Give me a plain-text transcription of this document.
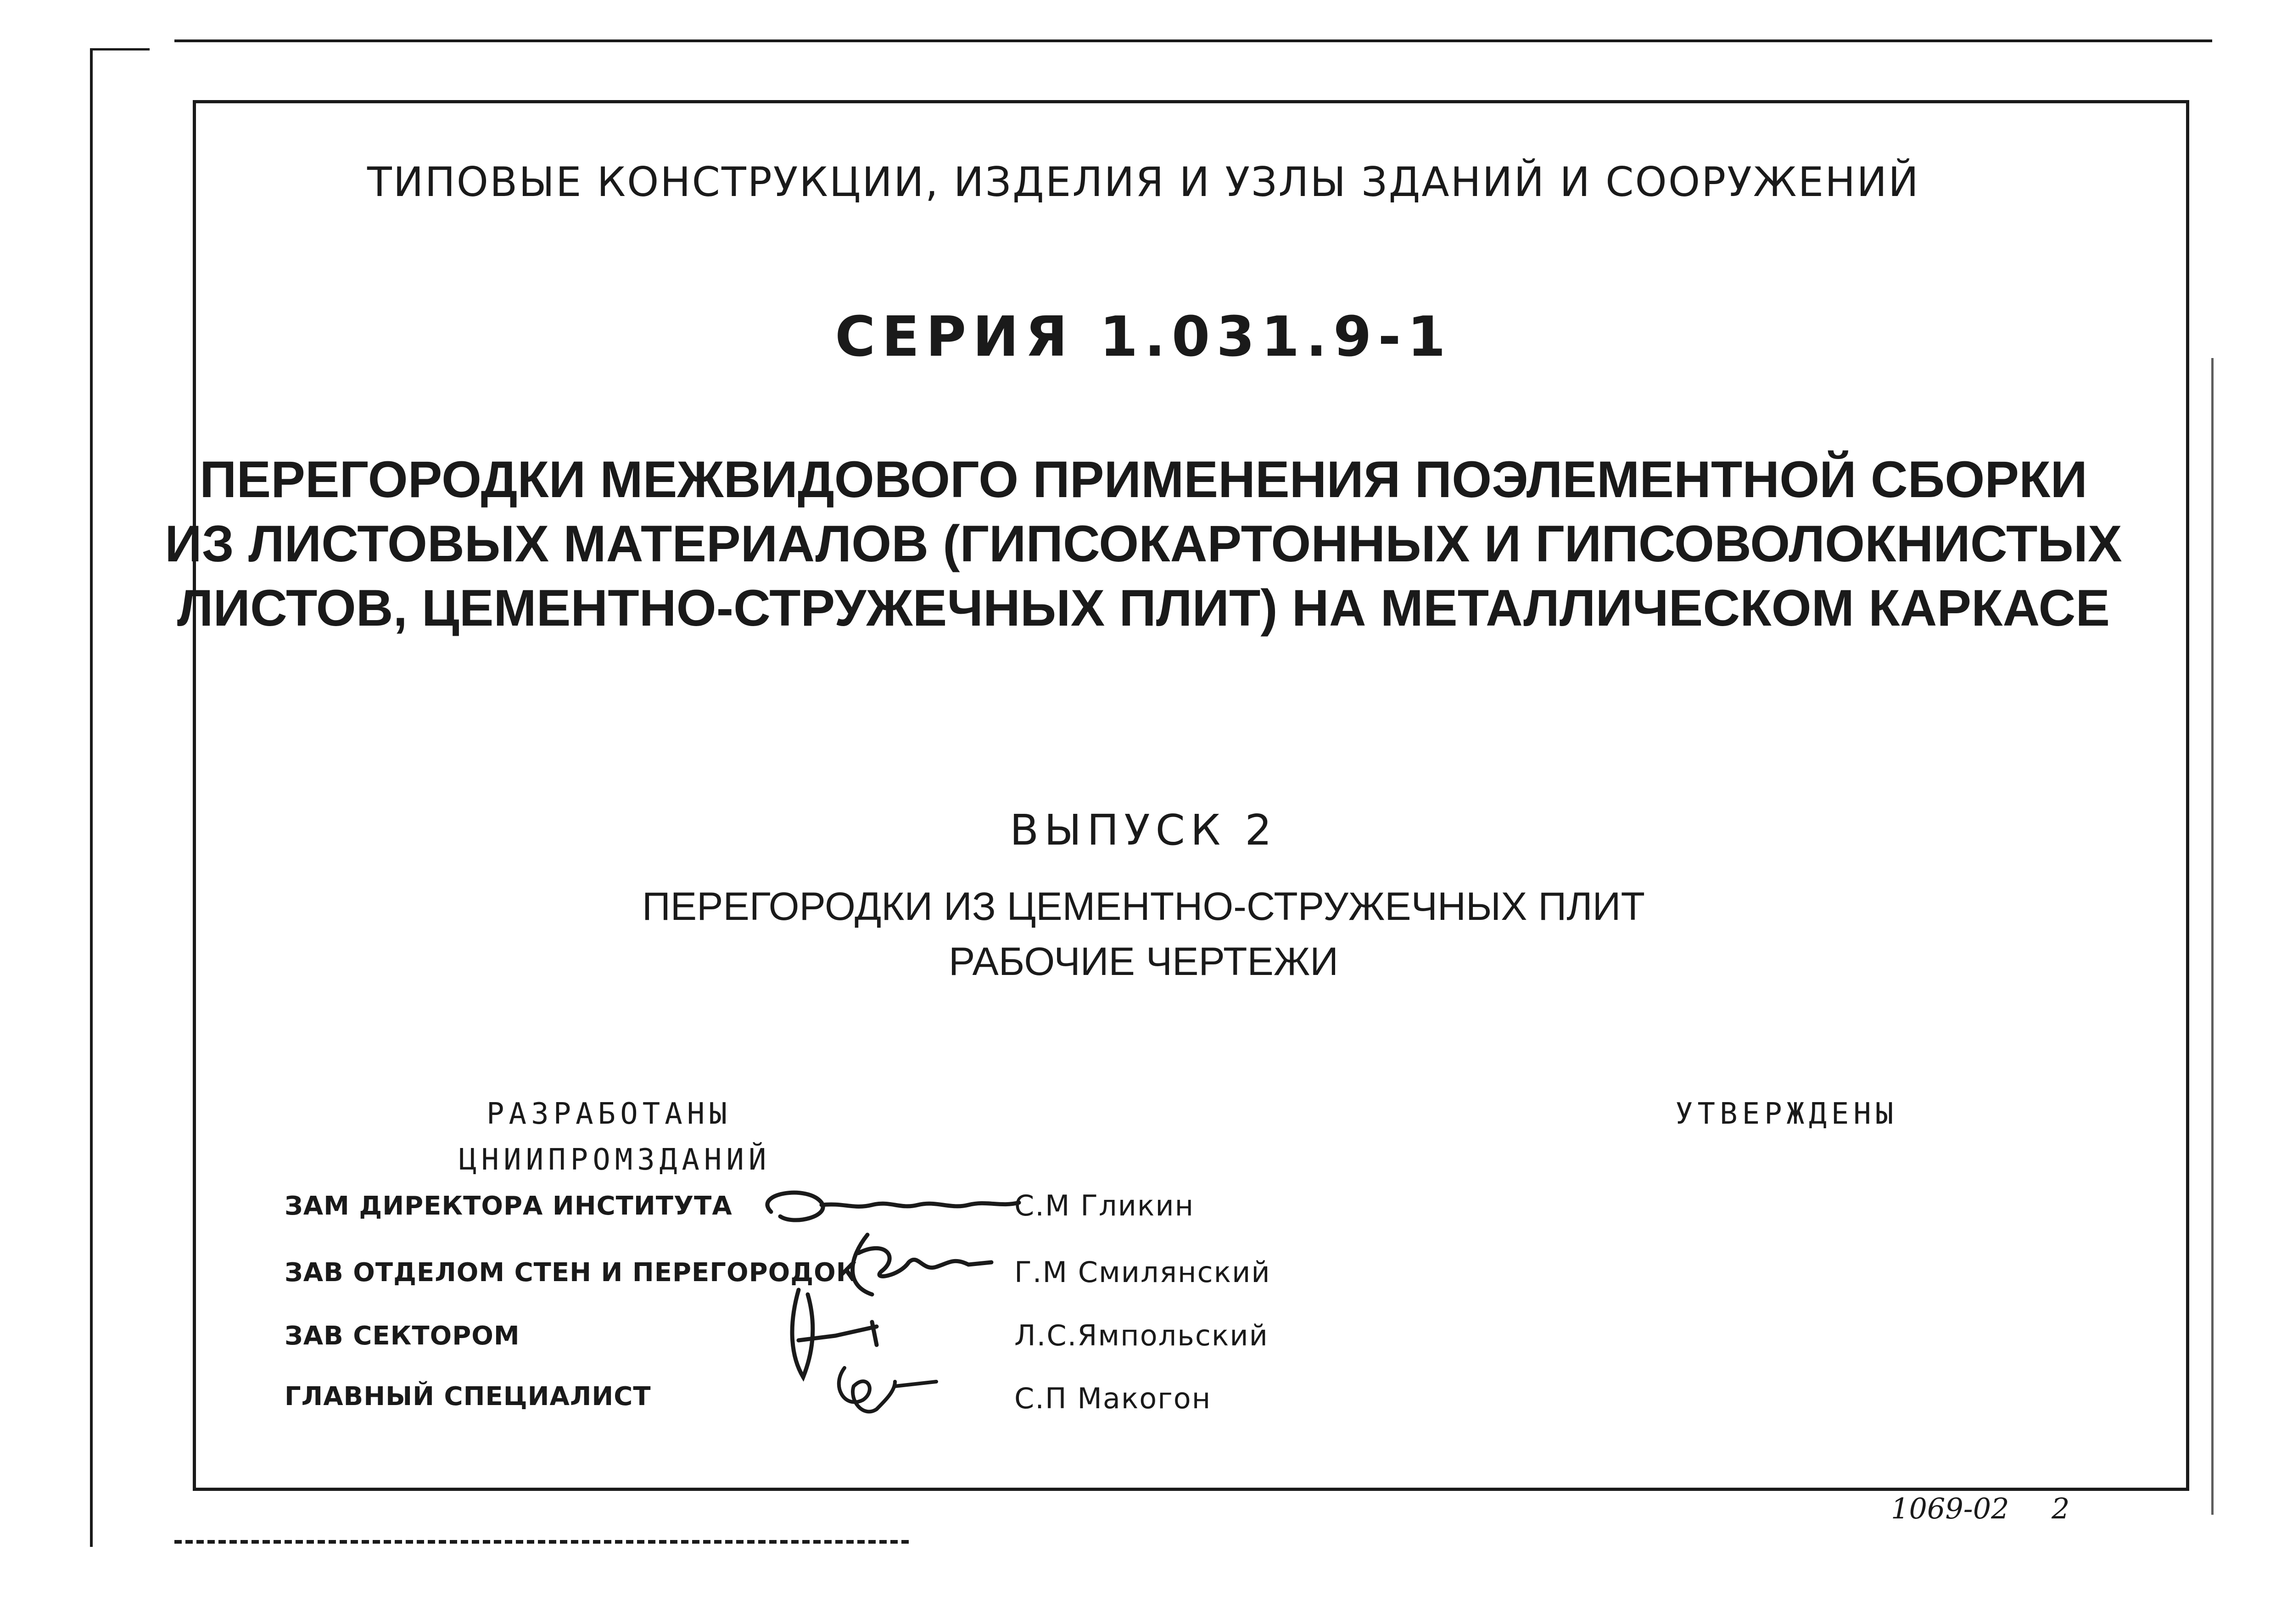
ТИПОВЫЕ КОНСТРУКЦИИ, ИЗДЕЛИЯ И УЗЛЫ ЗДАНИЙ И СООРУЖЕНИЙ
СЕРИЯ 1.031.9-1
ПЕРЕГОРОДКИ МЕЖВИДОВОГО ПРИМЕНЕНИЯ ПОЭЛЕМЕНТНОЙ СБОРКИ
ИЗ ЛИСТОВЫХ МАТЕРИАЛОВ (ГИПСОКАРТОННЫХ И ГИПСОВОЛОКНИСТЫХ
ЛИСТОВ, ЦЕМЕНТНО-СТРУЖЕЧНЫХ ПЛИТ) НА МЕТАЛЛИЧЕСКОМ КАРКАСЕ
ВЫПУСК 2
ПЕРЕГОРОДКИ ИЗ ЦЕМЕНТНО-СТРУЖЕЧНЫХ ПЛИТ
РАБОЧИЕ ЧЕРТЕЖИ
РАЗРАБОТАНЫ
ЦНИИПРОМЗДАНИЙ
УТВЕРЖДЕНЫ
ЗАМ ДИРЕКТОРА ИНСТИТУТА	С.М Гликин
ЗАВ ОТДЕЛОМ СТЕН И ПЕРЕГОРОДОК	Г.М Смилянский
ЗАВ СЕКТОРОМ	Л.С.Ямпольский
ГЛАВНЫЙ СПЕЦИАЛИСТ	С.П Макогон
1069-02 2
